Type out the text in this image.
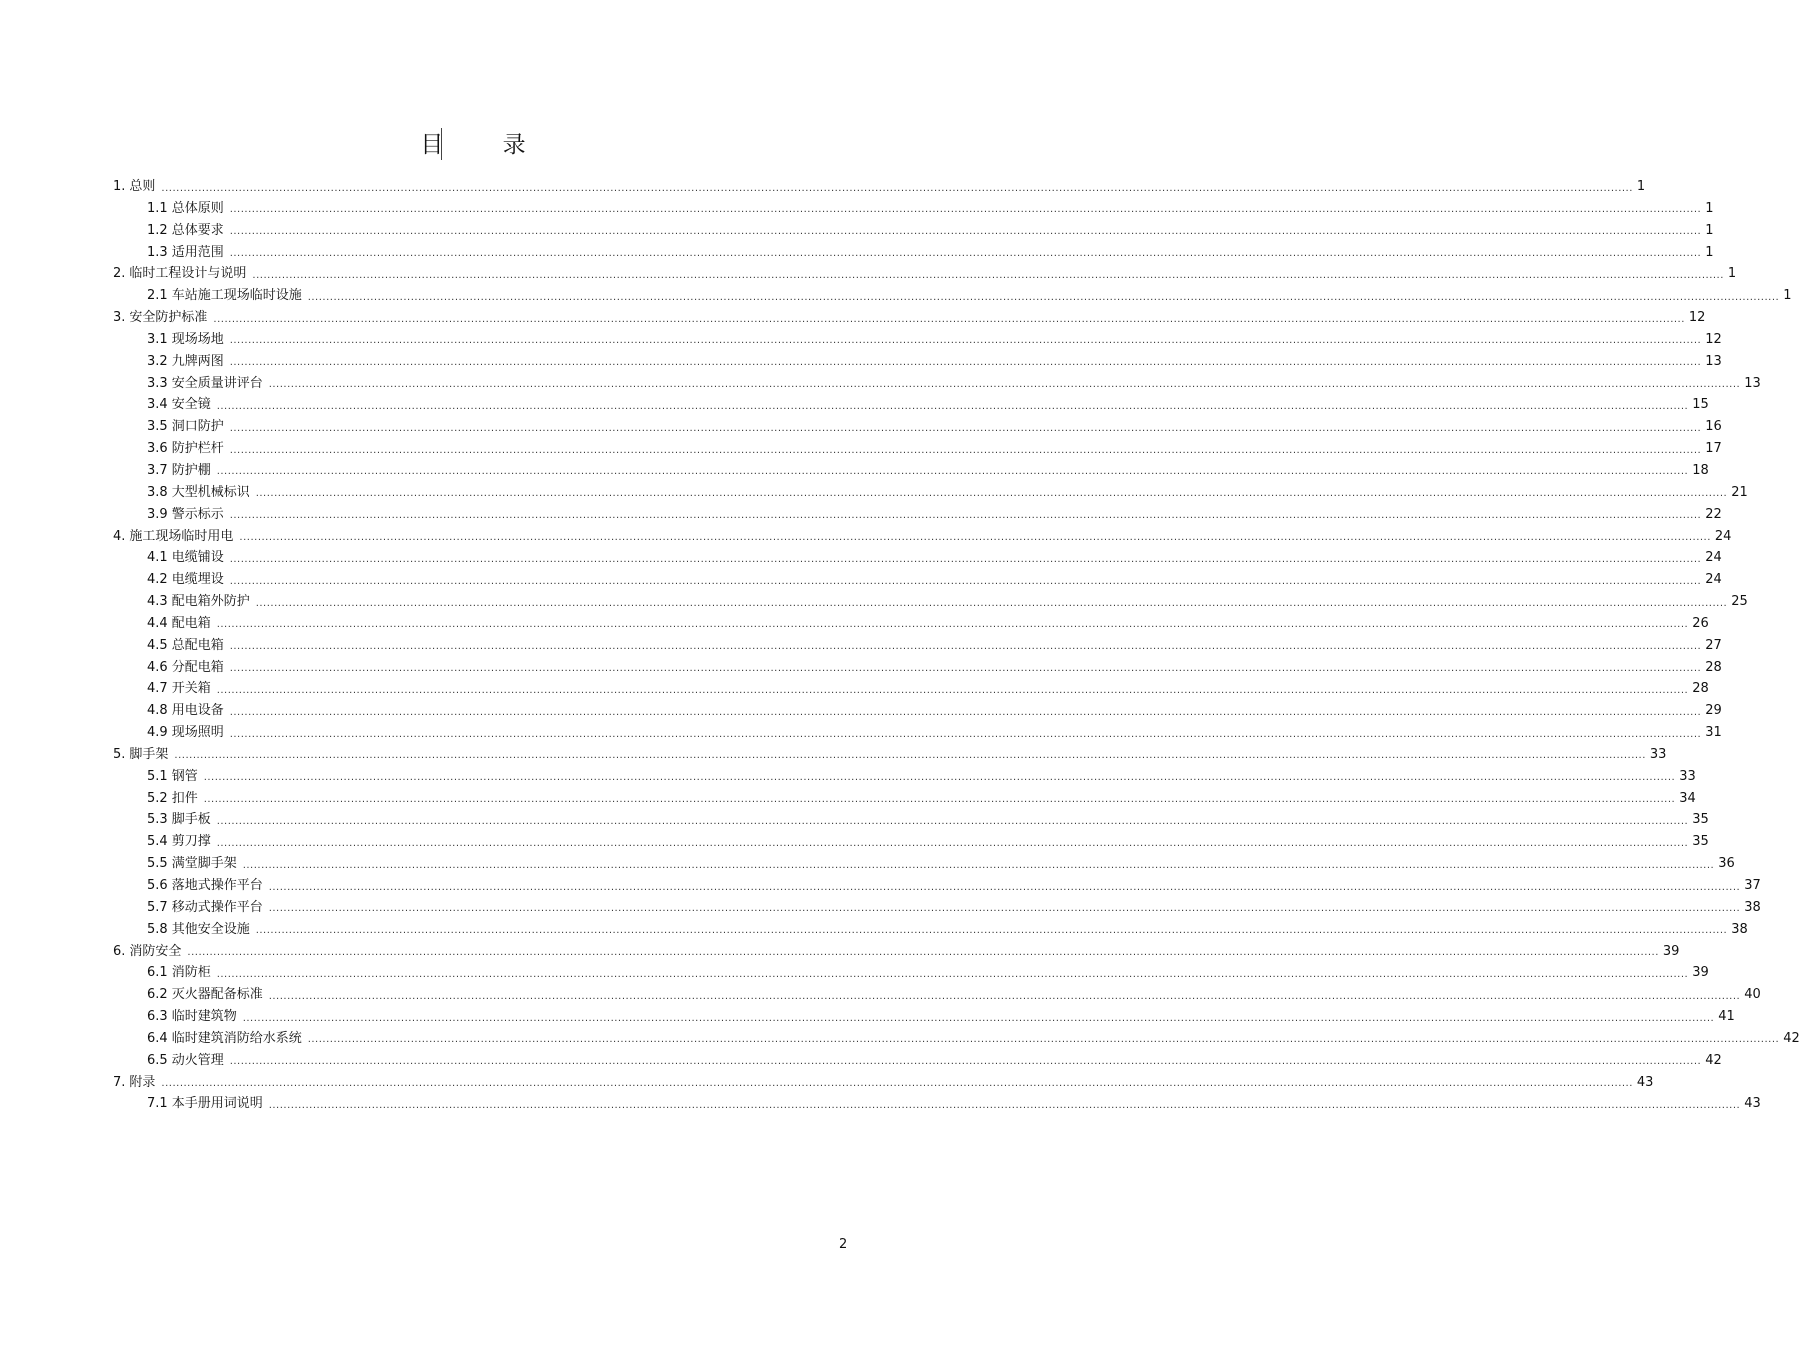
目 录
1. 总则 ................................................................................................................................................................................................................................................................................................................................................................................................................ 1
1.1 总体原则 ................................................................................................................................................................................................................................................................................................................................................................................................................ 1
1.2 总体要求 ................................................................................................................................................................................................................................................................................................................................................................................................................ 1
1.3 适用范围 ................................................................................................................................................................................................................................................................................................................................................................................................................ 1
2. 临时工程设计与说明 ................................................................................................................................................................................................................................................................................................................................................................................................................ 1
2.1 车站施工现场临时设施 ................................................................................................................................................................................................................................................................................................................................................................................................................ 1
3. 安全防护标准 ................................................................................................................................................................................................................................................................................................................................................................................................................ 12
3.1 现场场地 ................................................................................................................................................................................................................................................................................................................................................................................................................ 12
3.2 九牌两图 ................................................................................................................................................................................................................................................................................................................................................................................................................ 13
3.3 安全质量讲评台 ................................................................................................................................................................................................................................................................................................................................................................................................................ 13
3.4 安全镜 ................................................................................................................................................................................................................................................................................................................................................................................................................ 15
3.5 洞口防护 ................................................................................................................................................................................................................................................................................................................................................................................................................ 16
3.6 防护栏杆 ................................................................................................................................................................................................................................................................................................................................................................................................................ 17
3.7 防护棚 ................................................................................................................................................................................................................................................................................................................................................................................................................ 18
3.8 大型机械标识 ................................................................................................................................................................................................................................................................................................................................................................................................................ 21
3.9 警示标示 ................................................................................................................................................................................................................................................................................................................................................................................................................ 22
4. 施工现场临时用电 ................................................................................................................................................................................................................................................................................................................................................................................................................ 24
4.1 电缆铺设 ................................................................................................................................................................................................................................................................................................................................................................................................................ 24
4.2 电缆埋设 ................................................................................................................................................................................................................................................................................................................................................................................................................ 24
4.3 配电箱外防护 ................................................................................................................................................................................................................................................................................................................................................................................................................ 25
4.4 配电箱 ................................................................................................................................................................................................................................................................................................................................................................................................................ 26
4.5 总配电箱 ................................................................................................................................................................................................................................................................................................................................................................................................................ 27
4.6 分配电箱 ................................................................................................................................................................................................................................................................................................................................................................................................................ 28
4.7 开关箱 ................................................................................................................................................................................................................................................................................................................................................................................................................ 28
4.8 用电设备 ................................................................................................................................................................................................................................................................................................................................................................................................................ 29
4.9 现场照明 ................................................................................................................................................................................................................................................................................................................................................................................................................ 31
5. 脚手架 ................................................................................................................................................................................................................................................................................................................................................................................................................ 33
5.1 钢管 ................................................................................................................................................................................................................................................................................................................................................................................................................ 33
5.2 扣件 ................................................................................................................................................................................................................................................................................................................................................................................................................ 34
5.3 脚手板 ................................................................................................................................................................................................................................................................................................................................................................................................................ 35
5.4 剪刀撑 ................................................................................................................................................................................................................................................................................................................................................................................................................ 35
5.5 满堂脚手架 ................................................................................................................................................................................................................................................................................................................................................................................................................ 36
5.6 落地式操作平台 ................................................................................................................................................................................................................................................................................................................................................................................................................ 37
5.7 移动式操作平台 ................................................................................................................................................................................................................................................................................................................................................................................................................ 38
5.8 其他安全设施 ................................................................................................................................................................................................................................................................................................................................................................................................................ 38
6. 消防安全 ................................................................................................................................................................................................................................................................................................................................................................................................................ 39
6.1 消防柜 ................................................................................................................................................................................................................................................................................................................................................................................................................ 39
6.2 灭火器配备标准 ................................................................................................................................................................................................................................................................................................................................................................................................................ 40
6.3 临时建筑物 ................................................................................................................................................................................................................................................................................................................................................................................................................ 41
6.4 临时建筑消防给水系统 ................................................................................................................................................................................................................................................................................................................................................................................................................ 42
6.5 动火管理 ................................................................................................................................................................................................................................................................................................................................................................................................................ 42
7. 附录 ................................................................................................................................................................................................................................................................................................................................................................................................................ 43
7.1 本手册用词说明 ................................................................................................................................................................................................................................................................................................................................................................................................................ 43
2
